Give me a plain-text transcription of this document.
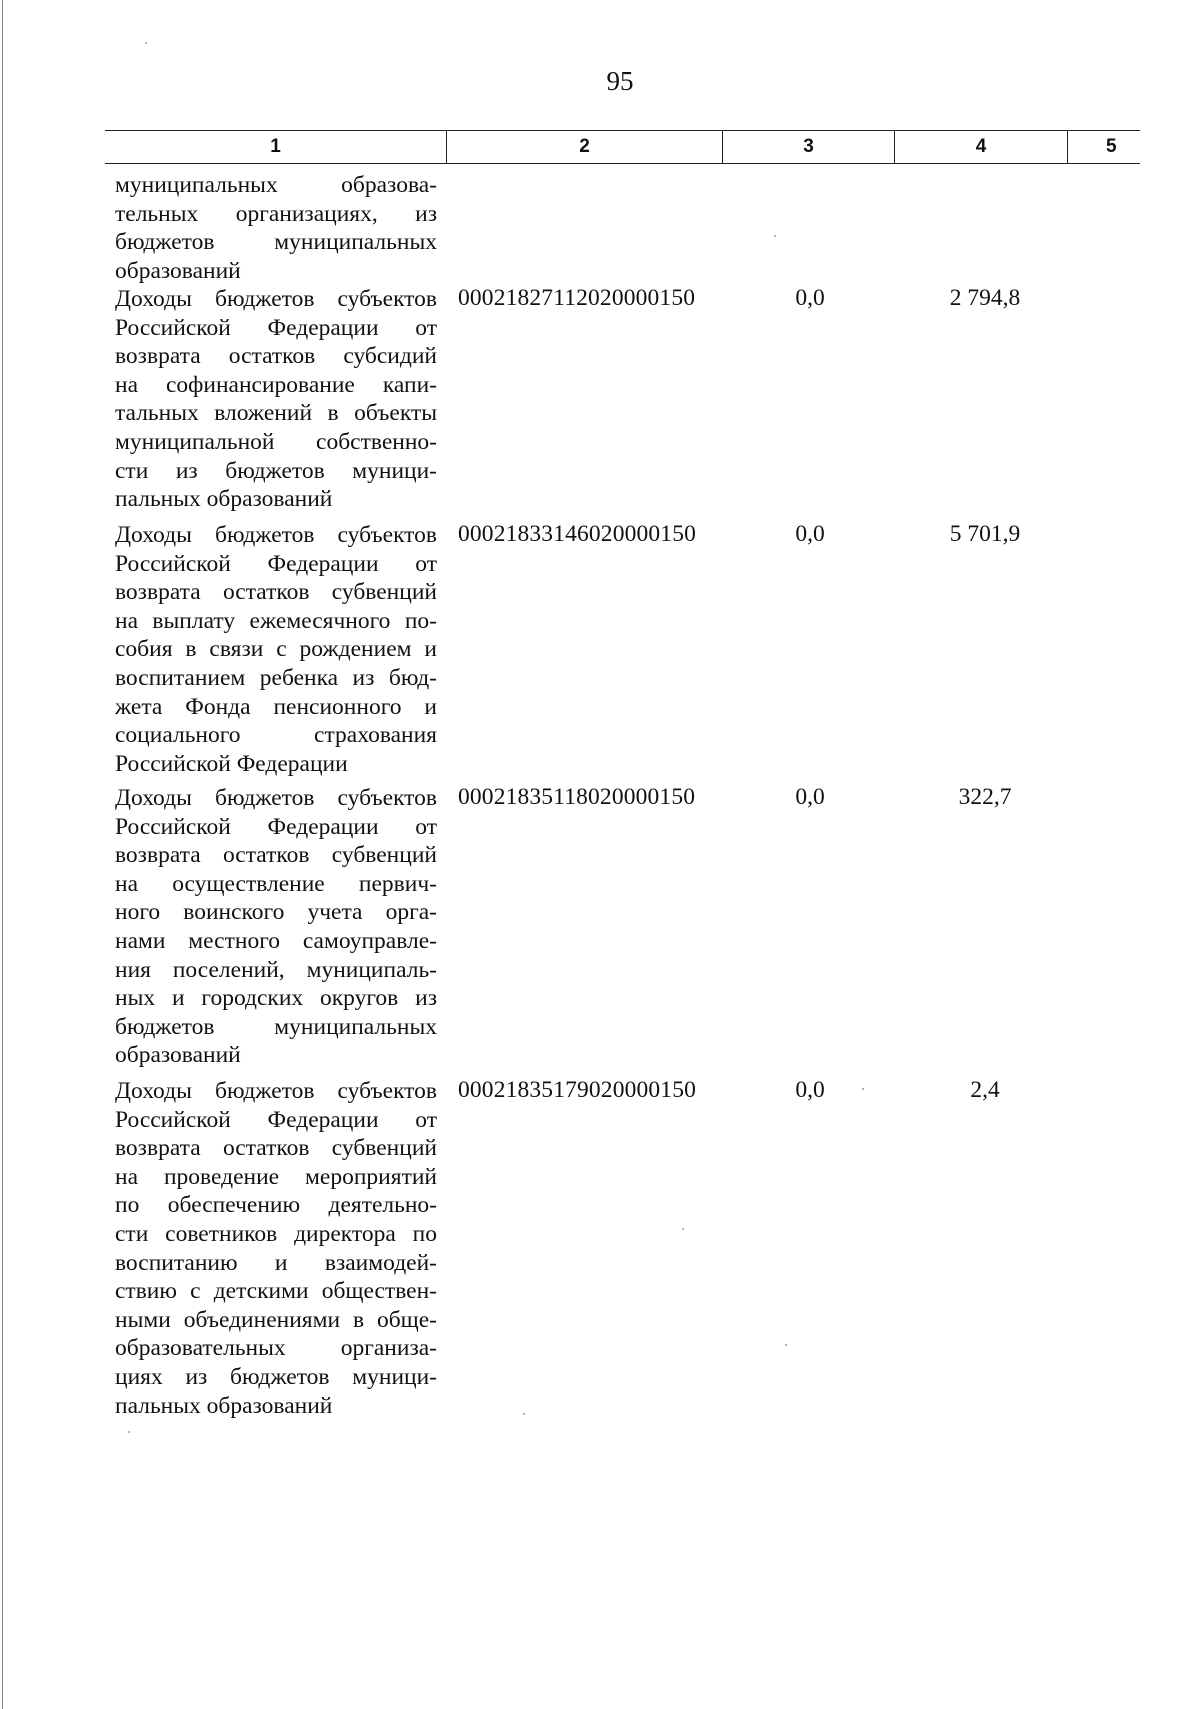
95
1	2	3	4	5
муниципальных образова-
тельных организациях, из
бюджетов муниципальных
образований
Доходы бюджетов субъектов
Российской Федерации от
возврата остатков субсидий
на софинансирование капи-
тальных вложений в объекты
муниципальной собственно-
сти из бюджетов муници-
пальных образований
00021827112020000150	0,0	2 794,8
Доходы бюджетов субъектов
Российской Федерации от
возврата остатков субвенций
на выплату ежемесячного по-
собия в связи с рождением и
воспитанием ребенка из бюд-
жета Фонда пенсионного и
социального страхования
Российской Федерации
00021833146020000150	0,0	5 701,9
Доходы бюджетов субъектов
Российской Федерации от
возврата остатков субвенций
на осуществление первич-
ного воинского учета орга-
нами местного самоуправле-
ния поселений, муниципаль-
ных и городских округов из
бюджетов муниципальных
образований
00021835118020000150	0,0	322,7
Доходы бюджетов субъектов
Российской Федерации от
возврата остатков субвенций
на проведение мероприятий
по обеспечению деятельно-
сти советников директора по
воспитанию и взаимодей-
ствию с детскими обществен-
ными объединениями в обще-
образовательных организа-
циях из бюджетов муници-
пальных образований
00021835179020000150	0,0	2,4
